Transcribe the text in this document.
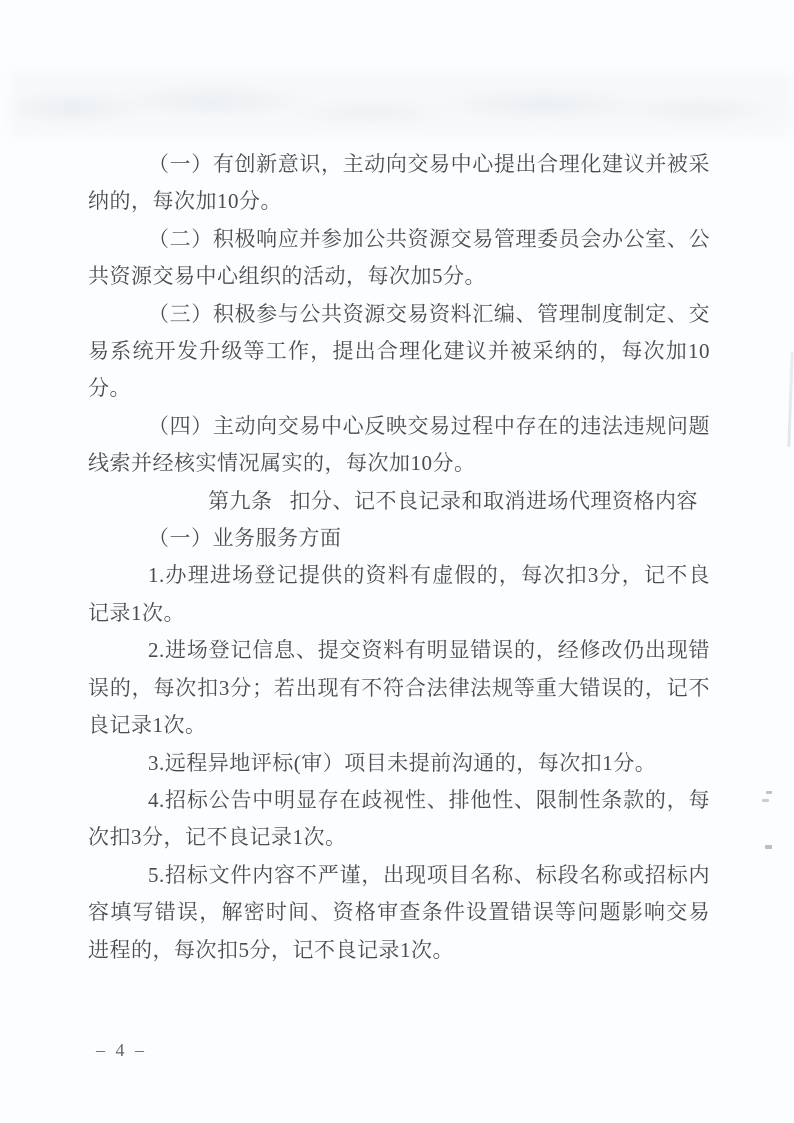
（一）有创新意识，主动向交易中心提出合理化建议并被采纳的，每次加10分。

（二）积极响应并参加公共资源交易管理委员会办公室、公共资源交易中心组织的活动，每次加5分。

（三）积极参与公共资源交易资料汇编、管理制度制定、交易系统开发升级等工作，提出合理化建议并被采纳的，每次加10分。

（四）主动向交易中心反映交易过程中存在的违法违规问题线索并经核实情况属实的，每次加10分。

第九条 扣分、记不良记录和取消进场代理资格内容

（一）业务服务方面

1.办理进场登记提供的资料有虚假的，每次扣3分，记不良记录1次。

2.进场登记信息、提交资料有明显错误的，经修改仍出现错误的，每次扣3分；若出现有不符合法律法规等重大错误的，记不良记录1次。

3.远程异地评标(审）项目未提前沟通的，每次扣1分。

4.招标公告中明显存在歧视性、排他性、限制性条款的，每次扣3分，记不良记录1次。

5.招标文件内容不严谨，出现项目名称、标段名称或招标内容填写错误，解密时间、资格审查条件设置错误等问题影响交易进程的，每次扣5分，记不良记录1次。

– 4 –
